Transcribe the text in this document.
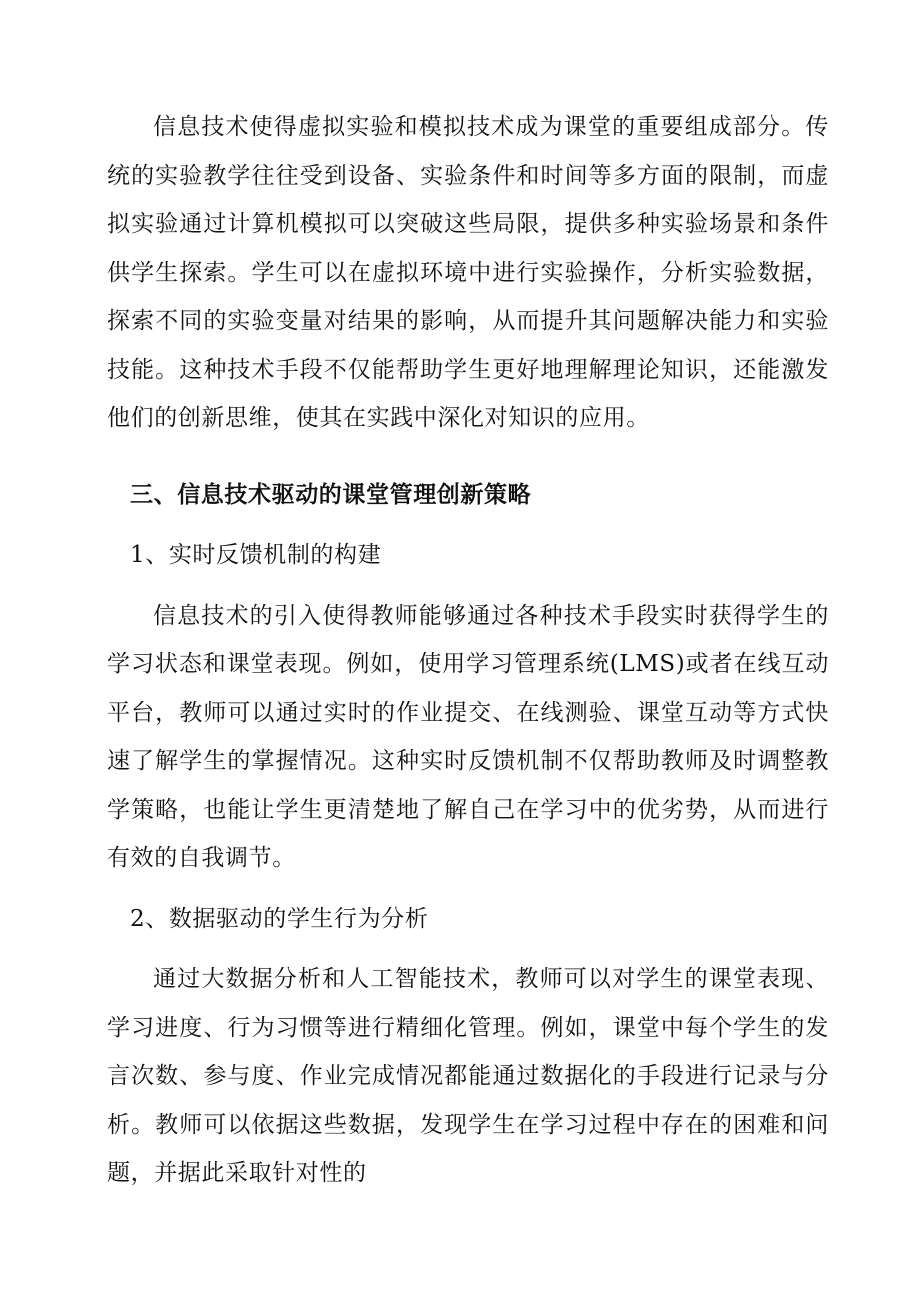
信息技术使得虚拟实验和模拟技术成为课堂的重要组成部分。传统的实验教学往往受到设备、实验条件和时间等多方面的限制，而虚拟实验通过计算机模拟可以突破这些局限，提供多种实验场景和条件供学生探索。学生可以在虚拟环境中进行实验操作，分析实验数据，探索不同的实验变量对结果的影响，从而提升其问题解决能力和实验技能。这种技术手段不仅能帮助学生更好地理解理论知识，还能激发他们的创新思维，使其在实践中深化对知识的应用。

三、信息技术驱动的课堂管理创新策略

1、实时反馈机制的构建

信息技术的引入使得教师能够通过各种技术手段实时获得学生的学习状态和课堂表现。例如，使用学习管理系统(LMS)或者在线互动平台，教师可以通过实时的作业提交、在线测验、课堂互动等方式快速了解学生的掌握情况。这种实时反馈机制不仅帮助教师及时调整教学策略，也能让学生更清楚地了解自己在学习中的优劣势，从而进行有效的自我调节。

2、数据驱动的学生行为分析

通过大数据分析和人工智能技术，教师可以对学生的课堂表现、学习进度、行为习惯等进行精细化管理。例如，课堂中每个学生的发言次数、参与度、作业完成情况都能通过数据化的手段进行记录与分析。教师可以依据这些数据，发现学生在学习过程中存在的困难和问题，并据此采取针对性的
